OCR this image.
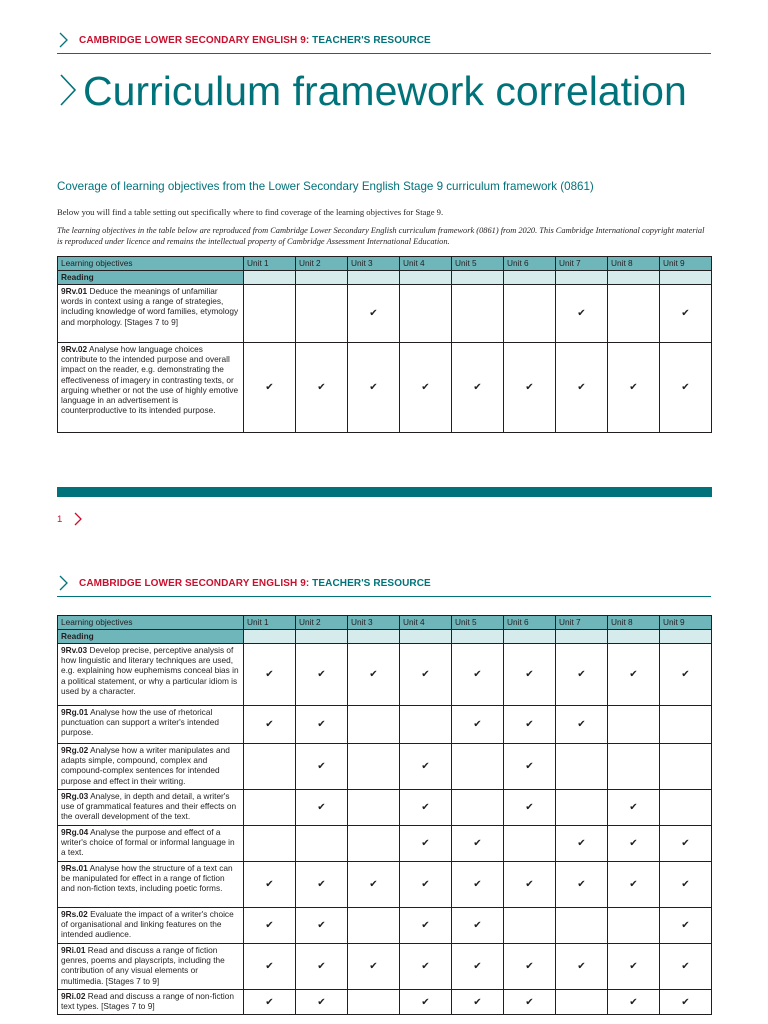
CAMBRIDGE LOWER SECONDARY ENGLISH 9:
TEACHER'S RESOURCE
Curriculum framework correlation
Coverage of learning objectives from the Lower Secondary English Stage 9 curriculum framework (0861)
Below you will find a table setting out specifically where to find coverage of the learning objectives for Stage 9.
The learning objectives in the table below are reproduced from Cambridge Lower Secondary English curriculum framework (0861) from 2020. This Cambridge International copyright material is reproduced under licence and remains the intellectual property of Cambridge Assessment International Education.
Learning objectives	Unit 1	Unit 2	Unit 3	Unit 4	Unit 5	Unit 6	Unit 7	Unit 8	Unit 9
Reading									
9Rv.01 Deduce the meanings of unfamiliar words in context using a range of strategies, including knowledge of word families, etymology and morphology. [Stages 7 to 9]			✔				✔		✔
9Rv.02 Analyse how language choices contribute to the intended purpose and overall impact on the reader, e.g. demonstrating the effectiveness of imagery in contrasting texts, or arguing whether or not the use of highly emotive language in an advertisement is counterproductive to its intended purpose.	✔	✔	✔	✔	✔	✔	✔	✔	✔
1
CAMBRIDGE LOWER SECONDARY ENGLISH 9:
TEACHER'S RESOURCE
Learning objectives	Unit 1	Unit 2	Unit 3	Unit 4	Unit 5	Unit 6	Unit 7	Unit 8	Unit 9
Reading									
9Rv.03 Develop precise, perceptive analysis of how linguistic and literary techniques are used, e.g. explaining how euphemisms conceal bias in a political statement, or why a particular idiom is used by a character.	✔	✔	✔	✔	✔	✔	✔	✔	✔
9Rg.01 Analyse how the use of rhetorical punctuation can support a writer's intended purpose.	✔	✔			✔	✔	✔		
9Rg.02 Analyse how a writer manipulates and adapts simple, compound, complex and compound-complex sentences for intended purpose and effect in their writing.		✔		✔		✔			
9Rg.03 Analyse, in depth and detail, a writer's use of grammatical features and their effects on the overall development of the text.		✔		✔		✔		✔	
9Rg.04 Analyse the purpose and effect of a writer's choice of formal or informal language in a text.				✔	✔		✔	✔	✔
9Rs.01 Analyse how the structure of a text can be manipulated for effect in a range of fiction and non-fiction texts, including poetic forms.	✔	✔	✔	✔	✔	✔	✔	✔	✔
9Rs.02 Evaluate the impact of a writer's choice of organisational and linking features on the intended audience.	✔	✔		✔	✔				✔
9Ri.01 Read and discuss a range of fiction genres, poems and playscripts, including the contribution of any visual elements or multimedia. [Stages 7 to 9]	✔	✔	✔	✔	✔	✔	✔	✔	✔
9Ri.02 Read and discuss a range of non-fiction text types. [Stages 7 to 9]	✔	✔		✔	✔	✔		✔	✔
